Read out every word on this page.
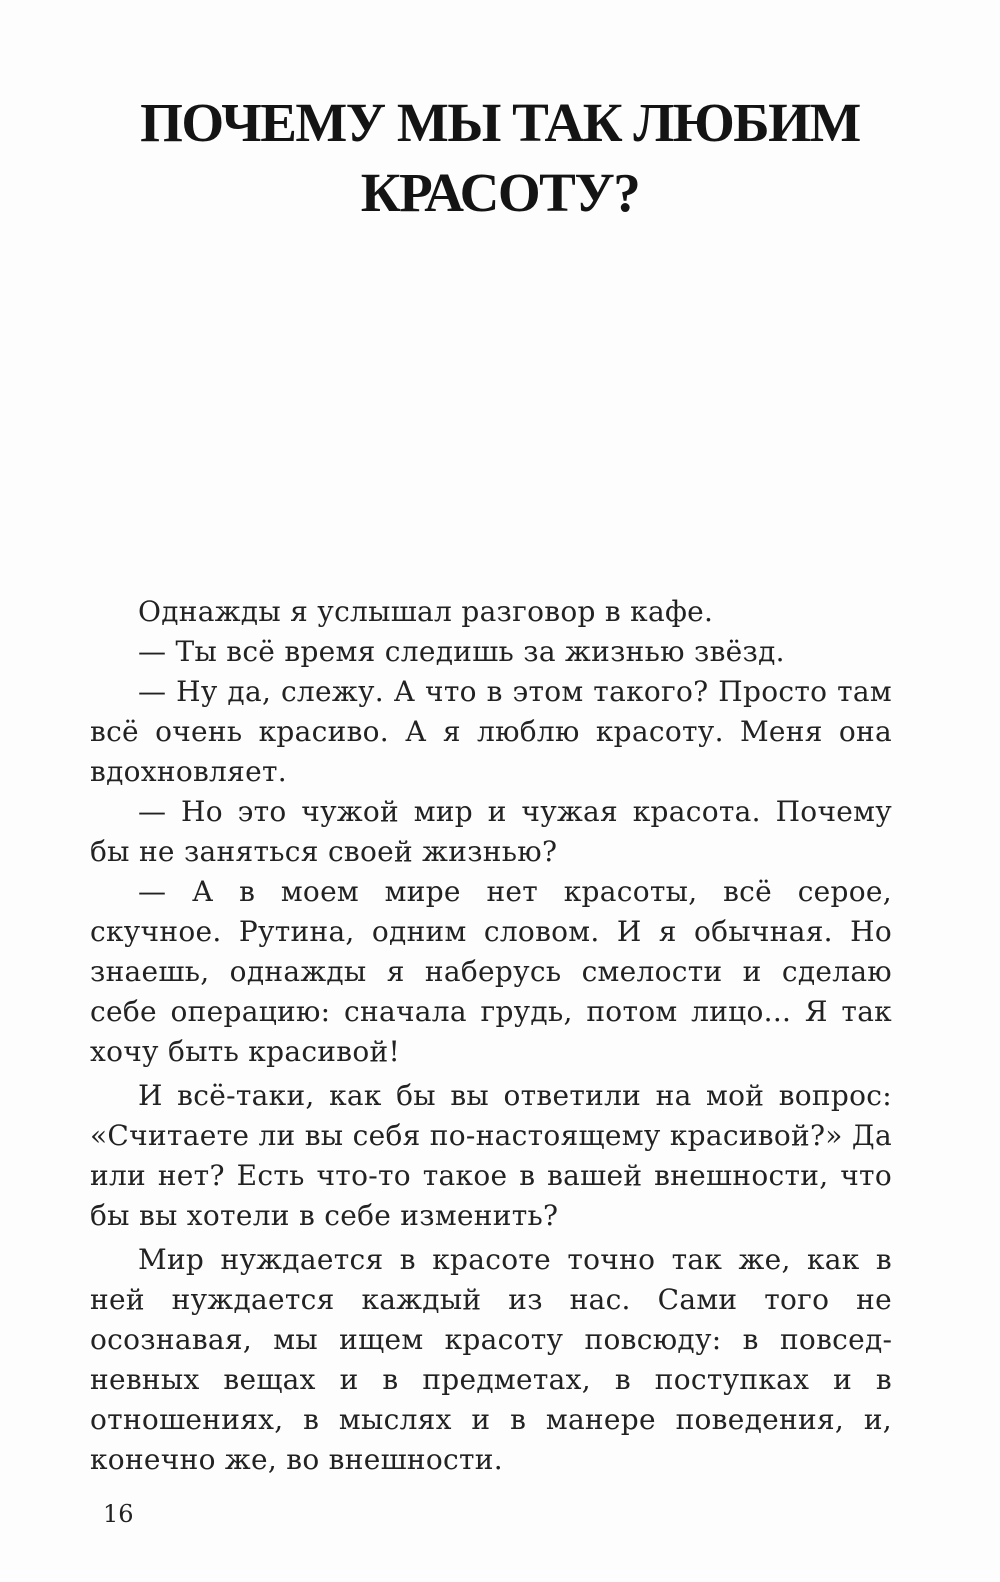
ПОЧЕМУ МЫ ТАК ЛЮБИМ
КРАСОТУ?

Однажды я услышал разговор в кафе.

— Ты всё время следишь за жизнью звёзд.

— Ну да, слежу. А что в этом такого? Просто там всё очень красиво. А я люблю красоту. Меня она вдохновляет.

— Но это чужой мир и чужая красота. Почему бы не заняться своей жизнью?

— А в моем мире нет красоты, всё серое, скучное. Рутина, одним словом. И я обычная. Но знаешь, однажды я наберусь смелости и сделаю себе операцию: сначала грудь, потом лицо... Я так хочу быть красивой!

И всё-таки, как бы вы ответили на мой вопрос: «Считаете ли вы себя по-настоящему красивой?» Да или нет? Есть что-то такое в вашей внешности, что бы вы хотели в себе изменить?

Мир нуждается в красоте точно так же, как в ней нуждается каждый из нас. Сами того не осознавая, мы ищем красоту повсюду: в повседневных вещах и в предметах, в поступках и в отношениях, в мыслях и в манере поведения, и, конечно же, во внешности.

16
